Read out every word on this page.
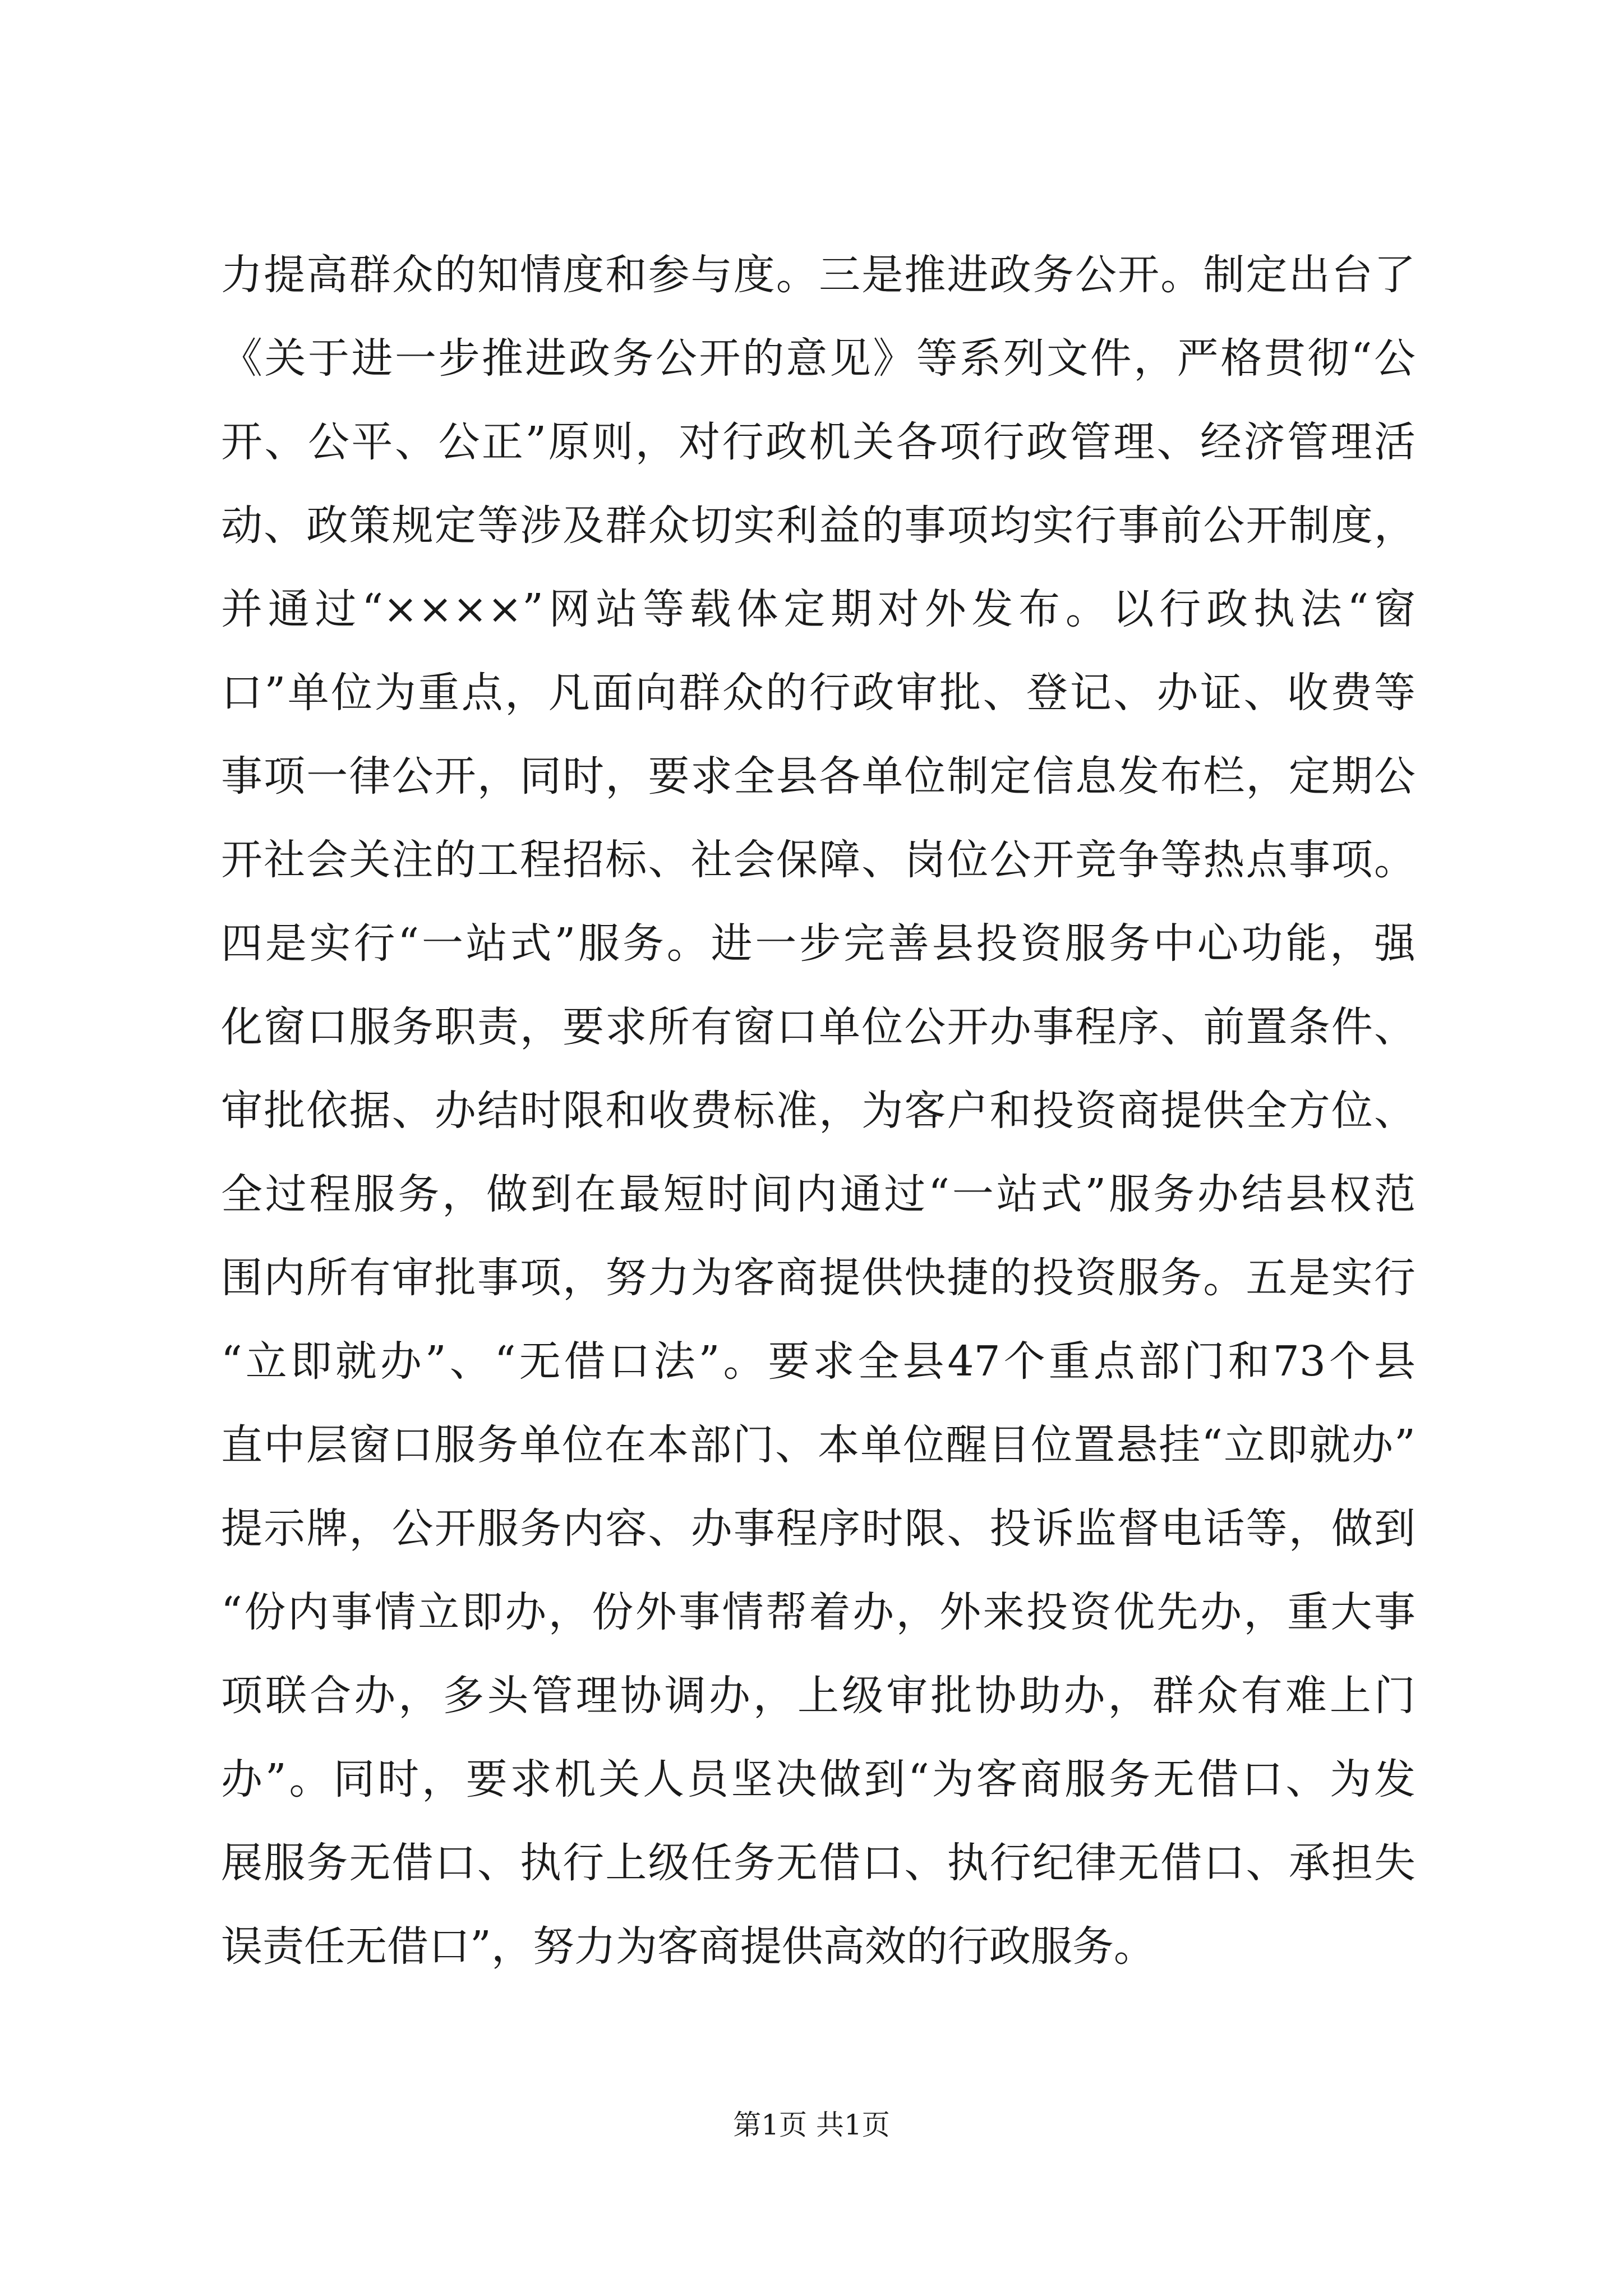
力提高群众的知情度和参与度。三是推进政务公开。制定出台了
《关于进一步推进政务公开的意见》等系列文件，严格贯彻“公
开、公平、公正”原则，对行政机关各项行政管理、经济管理活
动、政策规定等涉及群众切实利益的事项均实行事前公开制度，
并通过“××××”网站等载体定期对外发布。以行政执法“窗
口”单位为重点，凡面向群众的行政审批、登记、办证、收费等
事项一律公开，同时，要求全县各单位制定信息发布栏，定期公
开社会关注的工程招标、社会保障、岗位公开竞争等热点事项。
四是实行“一站式”服务。进一步完善县投资服务中心功能，强
化窗口服务职责，要求所有窗口单位公开办事程序、前置条件、
审批依据、办结时限和收费标准，为客户和投资商提供全方位、
全过程服务，做到在最短时间内通过“一站式”服务办结县权范
围内所有审批事项，努力为客商提供快捷的投资服务。五是实行
“立即就办”、“无借口法”。要求全县47个重点部门和73个县
直中层窗口服务单位在本部门、本单位醒目位置悬挂“立即就办”
提示牌，公开服务内容、办事程序时限、投诉监督电话等，做到
“份内事情立即办，份外事情帮着办，外来投资优先办，重大事
项联合办，多头管理协调办，上级审批协助办，群众有难上门
办”。同时，要求机关人员坚决做到“为客商服务无借口、为发
展服务无借口、执行上级任务无借口、执行纪律无借口、承担失
误责任无借口”，努力为客商提供高效的行政服务。
第1页 共1页
